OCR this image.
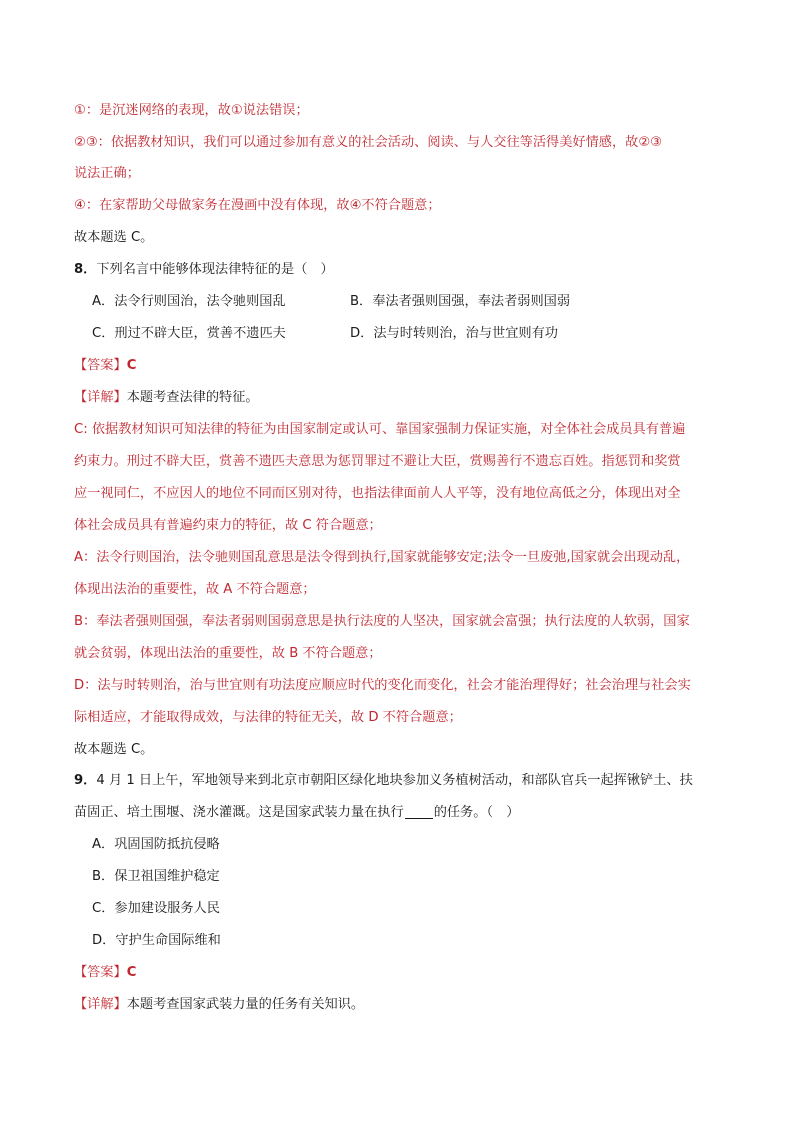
①：是沉迷网络的表现，故①说法错误；
②③：依据教材知识，我们可以通过参加有意义的社会活动、阅读、与人交往等活得美好情感，故②③
说法正确；
④：在家帮助父母做家务在漫画中没有体现，故④不符合题意；
故本题选 C。
8．下列名言中能够体现法律特征的是（　）
A．法令行则国治，法令驰则国乱	B．奉法者强则国强，奉法者弱则国弱
C．刑过不辟大臣，赏善不遗匹夫	D．法与时转则治，治与世宜则有功
【答案】C
【详解】本题考查法律的特征。
C: 依据教材知识可知法律的特征为由国家制定或认可、靠国家强制力保证实施，对全体社会成员具有普遍
约束力。刑过不辟大臣，赏善不遗匹夫意思为惩罚罪过不避让大臣，赏赐善行不遗忘百姓。指惩罚和奖赏
应一视同仁，不应因人的地位不同而区别对待，也指法律面前人人平等，没有地位高低之分，体现出对全
体社会成员具有普遍约束力的特征，故 C 符合题意；
A：法令行则国治，法令驰则国乱意思是法令得到执行,国家就能够安定;法令一旦废弛,国家就会出现动乱，
体现出法治的重要性，故 A 不符合题意；
B：奉法者强则国强，奉法者弱则国弱意思是执行法度的人坚决，国家就会富强；执行法度的人软弱，国家
就会贫弱，体现出法治的重要性，故 B 不符合题意；
D：法与时转则治，治与世宜则有功法度应顺应时代的变化而变化，社会才能治理得好；社会治理与社会实
际相适应，才能取得成效，与法律的特征无关，故 D 不符合题意；
故本题选 C。
9．4 月 1 日上午，军地领导来到北京市朝阳区绿化地块参加义务植树活动，和部队官兵一起挥锹铲土、扶
苗固正、培土围堰、浇水灌溉。这是国家武装力量在执行 的任务。（　）
A．巩固国防抵抗侵略
B．保卫祖国维护稳定
C．参加建设服务人民
D．守护生命国际维和
【答案】C
【详解】本题考查国家武装力量的任务有关知识。
